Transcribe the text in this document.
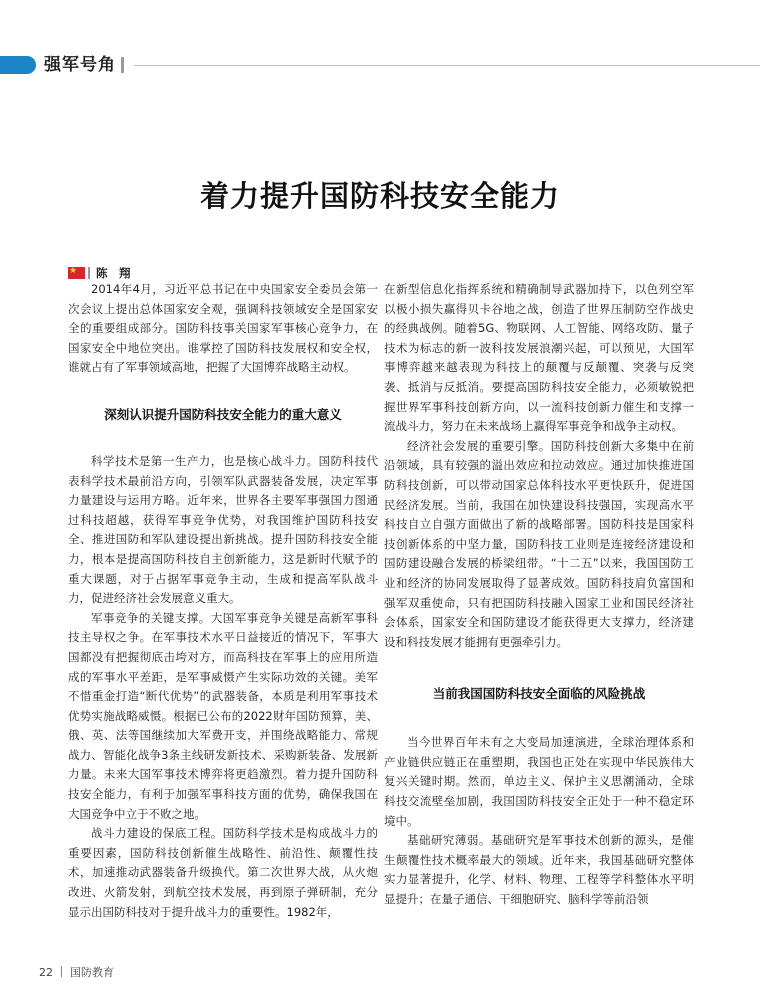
强军号角
着力提升国防科技安全能力
★ 陈　翔

2014年4月，习近平总书记在中央国家安全委员会第一次会议上提出总体国家安全观，强调科技领域安全是国家安全的重要组成部分。国防科技事关国家军事核心竞争力，在国家安全中地位突出。谁掌控了国防科技发展权和安全权，谁就占有了军事领域高地，把握了大国博弈战略主动权。

深刻认识提升国防科技安全能力的重大意义

科学技术是第一生产力，也是核心战斗力。国防科技代表科学技术最前沿方向，引领军队武器装备发展，决定军事力量建设与运用方略。近年来，世界各主要军事强国力图通过科技超越，获得军事竞争优势，对我国维护国防科技安全、推进国防和军队建设提出新挑战。提升国防科技安全能力，根本是提高国防科技自主创新能力，这是新时代赋予的重大课题，对于占据军事竞争主动，生成和提高军队战斗力，促进经济社会发展意义重大。

军事竞争的关键支撑。大国军事竞争关键是高新军事科技主导权之争。在军事技术水平日益接近的情况下，军事大国都没有把握彻底击垮对方，而高科技在军事上的应用所造成的军事水平差距，是军事威慑产生实际功效的关键。美军不惜重金打造“断代优势”的武器装备，本质是利用军事技术优势实施战略威慑。根据已公布的2022财年国防预算，美、俄、英、法等国继续加大军费开支，并围绕战略能力、常规战力、智能化战争3条主线研发新技术、采购新装备、发展新力量。未来大国军事技术博弈将更趋激烈。着力提升国防科技安全能力，有利于加强军事科技方面的优势，确保我国在大国竞争中立于不败之地。

战斗力建设的保底工程。国防科学技术是构成战斗力的重要因素，国防科技创新催生战略性、前沿性、颠覆性技术，加速推动武器装备升级换代。第二次世界大战，从火炮改进、火箭发射，到航空技术发展，再到原子弹研制，充分显示出国防科技对于提升战斗力的重要性。1982年，

在新型信息化指挥系统和精确制导武器加持下，以色列空军以极小损失赢得贝卡谷地之战，创造了世界压制防空作战史的经典战例。随着5G、物联网、人工智能、网络攻防、量子技术为标志的新一波科技发展浪潮兴起，可以预见，大国军事博弈越来越表现为科技上的颠覆与反颠覆、突袭与反突袭、抵消与反抵消。要提高国防科技安全能力，必须敏锐把握世界军事科技创新方向，以一流科技创新力催生和支撑一流战斗力，努力在未来战场上赢得军事竞争和战争主动权。

经济社会发展的重要引擎。国防科技创新大多集中在前沿领域，具有较强的溢出效应和拉动效应。通过加快推进国防科技创新，可以带动国家总体科技水平更快跃升，促进国民经济发展。当前，我国在加快建设科技强国，实现高水平科技自立自强方面做出了新的战略部署。国防科技是国家科技创新体系的中坚力量，国防科技工业则是连接经济建设和国防建设融合发展的桥梁纽带。“十二五”以来，我国国防工业和经济的协同发展取得了显著成效。国防科技肩负富国和强军双重使命，只有把国防科技融入国家工业和国民经济社会体系，国家安全和国防建设才能获得更大支撑力，经济建设和科技发展才能拥有更强牵引力。

当前我国国防科技安全面临的风险挑战

当今世界百年未有之大变局加速演进，全球治理体系和产业链供应链正在重塑期，我国也正处在实现中华民族伟大复兴关键时期。然而，单边主义、保护主义思潮涌动，全球科技交流壁垒加剧，我国国防科技安全正处于一种不稳定环境中。

基础研究薄弱。基础研究是军事技术创新的源头，是催生颠覆性技术概率最大的领域。近年来，我国基础研究整体实力显著提升，化学、材料、物理、工程等学科整体水平明显提升；在量子通信、干细胞研究、脑科学等前沿领

22 国防教育
